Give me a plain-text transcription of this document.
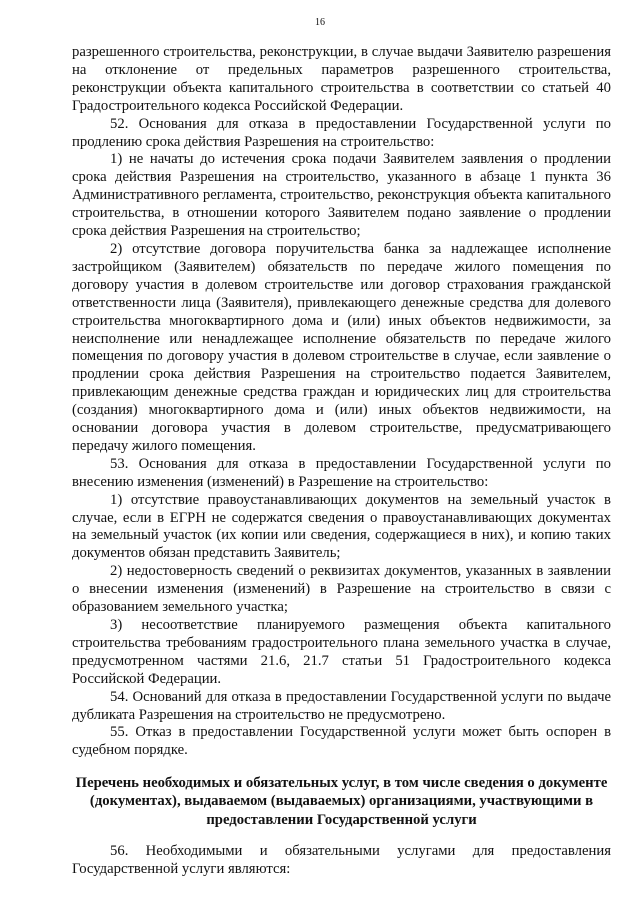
16

разрешенного строительства, реконструкции, в случае выдачи Заявителю разрешения на отклонение от предельных параметров разрешенного строительства, реконструкции объекта капитального строительства в соответствии со статьей 40 Градостроительного кодекса Российской Федерации.

52. Основания для отказа в предоставлении Государственной услуги по продлению срока действия Разрешения на строительство:

1) не начаты до истечения срока подачи Заявителем заявления о продлении срока действия Разрешения на строительство, указанного в абзаце 1 пункта 36 Административного регламента, строительство, реконструкция объекта капитального строительства, в отношении которого Заявителем подано заявление о продлении срока действия Разрешения на строительство;

2) отсутствие договора поручительства банка за надлежащее исполнение застройщиком (Заявителем) обязательств по передаче жилого помещения по договору участия в долевом строительстве или договор страхования гражданской ответственности лица (Заявителя), привлекающего денежные средства для долевого строительства многоквартирного дома и (или) иных объектов недвижимости, за неисполнение или ненадлежащее исполнение обязательств по передаче жилого помещения по договору участия в долевом строительстве в случае, если заявление о продлении срока действия Разрешения на строительство подается Заявителем, привлекающим денежные средства граждан и юридических лиц для строительства (создания) многоквартирного дома и (или) иных объектов недвижимости, на основании договора участия в долевом строительстве, предусматривающего передачу жилого помещения.

53. Основания для отказа в предоставлении Государственной услуги по внесению изменения (изменений) в Разрешение на строительство:

1) отсутствие правоустанавливающих документов на земельный участок в случае, если в ЕГРН не содержатся сведения о правоустанавливающих документах на земельный участок (их копии или сведения, содержащиеся в них), и копию таких документов обязан представить Заявитель;

2) недостоверность сведений о реквизитах документов, указанных в заявлении о внесении изменения (изменений) в Разрешение на строительство в связи с образованием земельного участка;

3) несоответствие планируемого размещения объекта капитального строительства требованиям градостроительного плана земельного участка в случае, предусмотренном частями 21.6, 21.7 статьи 51 Градостроительного кодекса Российской Федерации.

54. Оснований для отказа в предоставлении Государственной услуги по выдаче дубликата Разрешения на строительство не предусмотрено.

55. Отказ в предоставлении Государственной услуги может быть оспорен в судебном порядке.

Перечень необходимых и обязательных услуг, в том числе сведения о документе (документах), выдаваемом (выдаваемых) организациями, участвующими в предоставлении Государственной услуги

56. Необходимыми и обязательными услугами для предоставления Государственной услуги являются:
